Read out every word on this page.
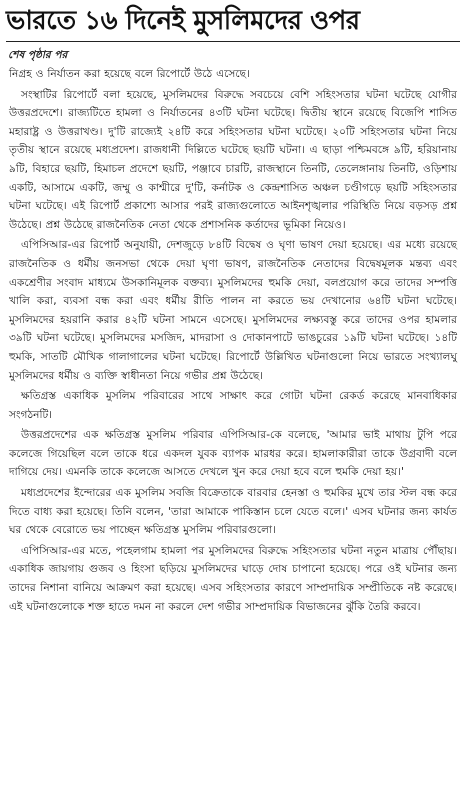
ভারতে ১৬ দিনেই মুসলিমদের ওপর
শেষ পৃষ্ঠার পর

নিগ্রহ ও নির্যাতন করা হয়েছে বলে রিপোর্টে উঠে এসেছে।

সংস্থাটির রিপোর্টে বলা হয়েছে, মুসলিমদের বিরুদ্ধে সবচেয়ে বেশি সহিংসতার ঘটনা ঘটেছে যোগীর উত্তরপ্রদেশে। রাজ্যটিতে হামলা ও নির্যাতনের ৪৩টি ঘটনা ঘটেছে। দ্বিতীয় স্থানে রয়েছে বিজেপি শাসিত মহারাষ্ট্র ও উত্তরাখণ্ড। দু'টি রাজ্যেই ২৪টি করে সহিংসতার ঘটনা ঘটেছে। ২০টি সহিংসতার ঘটনা নিয়ে তৃতীয় স্থানে রয়েছে মধ্যপ্রদেশ। রাজধানী দিল্লিতে ঘটেছে ছয়টি ঘটনা। এ ছাড়া পশ্চিমবঙ্গে ৯টি, হরিয়ানায় ৯টি, বিহারে ছয়টি, হিমাচল প্রদেশে ছয়টি, পঞ্জাবে চারটি, রাজস্থানে তিনটি, তেলেঙ্গানায় তিনটি, ওড়িশায় একটি, আসামে একটি, জম্মু ও কাশ্মীরে দু'টি, কর্নাটক ও কেন্দ্রশাসিত অঞ্চল চণ্ডীগড়ে ছয়টি সহিংসতার ঘটনা ঘটেছে। এই রিপোর্ট প্রকাশ্যে আসার পরই রাজ্যগুলোতে আইনশৃঙ্খলার পরিস্থিতি নিয়ে বড়সড় প্রশ্ন উঠেছে। প্রশ্ন উঠেছে রাজনৈতিক নেতা থেকে প্রশাসনিক কর্তাদের ভূমিকা নিয়েও।

এপিসিআর-এর রিপোর্ট অনুযায়ী, দেশজুড়ে ৮৪টি বিদ্বেষ ও ঘৃণা ভাষণ দেয়া হয়েছে। এর মধ্যে রয়েছে রাজনৈতিক ও ধর্মীয় জনসভা থেকে দেয়া ঘৃণা ভাষণ, রাজনৈতিক নেতাদের বিদ্বেষমূলক মন্তব্য এবং একশ্রেণীর সংবাদ মাধ্যমে উসকানিমূলক বক্তব্য। মুসলিমদের হুমকি দেয়া, বলপ্রয়োগ করে তাদের সম্পত্তি খালি করা, ব্যবসা বন্ধ করা এবং ধর্মীয় রীতি পালন না করতে ভয় দেখানোর ৬৪টি ঘটনা ঘটেছে। মুসলিমদের হয়রানি করার ৪২টি ঘটনা সামনে এসেছে। মুসলিমদের লক্ষ্যবস্তু করে তাদের ওপর হামলার ৩৯টি ঘটনা ঘটেছে। মুসলিমদের মসজিদ, মাদরাসা ও দোকানপাটে ভাঙচুরের ১৯টি ঘটনা ঘটেছে। ১৪টি হুমকি, সাতটি মৌখিক গালাগালের ঘটনা ঘটেছে। রিপোর্টে উল্লিখিত ঘটনাগুলো নিয়ে ভারতে সংখ্যালঘু মুসলিমদের ধর্মীয় ও ব্যক্তি স্বাধীনতা নিয়ে গভীর প্রশ্ন উঠেছে।

ক্ষতিগ্রস্ত একাধিক মুসলিম পরিবারের সাথে সাক্ষাৎ করে গোটা ঘটনা রেকর্ড করেছে মানবাধিকার সংগঠনটি।

উত্তরপ্রদেশের এক ক্ষতিগ্রস্ত মুসলিম পরিবার এপিসিআর-কে বলেছে, 'আমার ভাই মাথায় টুপি পরে কলেজে গিয়েছিল বলে তাকে ধরে একদল যুবক ব্যাপক মারধর করে। হামলাকারীরা তাকে উগ্রবাদী বলে দাগিয়ে দেয়। এমনকি তাকে কলেজে আসতে দেখলে খুন করে দেয়া হবে বলে হুমকি দেয়া হয়।'

মধ্যপ্রদেশের ইন্দোরের এক মুসলিম সবজি বিক্রেতাকে বারবার হেনস্তা ও হুমকির মুখে তার স্টল বন্ধ করে দিতে বাধ্য করা হয়েছে। তিনি বলেন, 'তারা আমাকে পাকিস্তান চলে যেতে বলে।' এসব ঘটনার জন্য কার্যত ঘর থেকে বেরোতে ভয় পাচ্ছেন ক্ষতিগ্রস্ত মুসলিম পরিবারগুলো।

এপিসিআর-এর মতে, পহেলগাম হামলা পর মুসলিমদের বিরুদ্ধে সহিংসতার ঘটনা নতুন মাত্রায় পৌঁছায়। একাধিক জায়গায় গুজব ও হিংসা ছড়িয়ে মুসলিমদের ঘাড়ে দোষ চাপানো হয়েছে। পরে ওই ঘটনার জন্য তাদের নিশানা বানিয়ে আক্রমণ করা হয়েছে। এসব সহিংসতার কারণে সাম্প্রদায়িক সম্প্রীতিকে নষ্ট করেছে। এই ঘটনাগুলোকে শক্ত হাতে দমন না করলে দেশ গভীর সাম্প্রদায়িক বিভাজনের ঝুঁকি তৈরি করবে।
